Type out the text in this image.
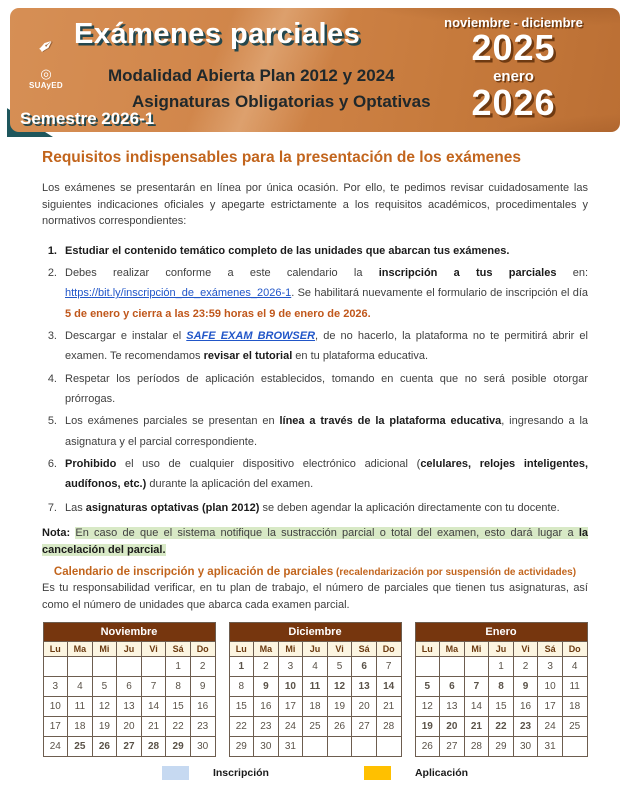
✒
◎
SUAyED
Exámenes parciales
Modalidad Abierta Plan 2012 y 2024
Asignaturas Obligatorias y Optativas
Semestre 2026-1
noviembre - diciembre
2025
enero
2026
Requisitos indispensables para la presentación de los exámenes

Los exámenes se presentarán en línea por única ocasión. Por ello, te pedimos revisar cuidadosamente las siguientes indicaciones oficiales y apegarte estrictamente a los requisitos académicos, procedimentales y normativos correspondientes:

1. Estudiar el contenido temático completo de las unidades que abarcan tus exámenes.
2. Debes realizar conforme a este calendario la inscripción a tus parciales en: https://bit.ly/inscripción_de_exámenes_2026-1. Se habilitará nuevamente el formulario de inscripción el día 5 de enero y cierra a las 23:59 horas el 9 de enero de 2026.
3. Descargar e instalar el SAFE EXAM BROWSER, de no hacerlo, la plataforma no te permitirá abrir el examen. Te recomendamos revisar el tutorial en tu plataforma educativa.
4. Respetar los períodos de aplicación establecidos, tomando en cuenta que no será posible otorgar prórrogas.
5. Los exámenes parciales se presentan en línea a través de la plataforma educativa, ingresando a la asignatura y el parcial correspondiente.
6. Prohibido el uso de cualquier dispositivo electrónico adicional (celulares, relojes inteligentes, audífonos, etc.) durante la aplicación del examen.
7. Las asignaturas optativas (plan 2012) se deben agendar la aplicación directamente con tu docente.
Nota: En caso de que el sistema notifique la sustracción parcial o total del examen, esto dará lugar a la cancelación del parcial.
Calendario de inscripción y aplicación de parciales (recalendarización por suspensión de actividades)

Es tu responsabilidad verificar, en tu plan de trabajo, el número de parciales que tienen tus asignaturas, así como el número de unidades que abarca cada examen parcial.

Noviembre						
Lu	Ma	Mi	Ju	Vi	Sá	Do
					1	2
3	4	5	6	7	8	9
10	11	12	13	14	15	16
17	18	19	20	21	22	23
24	25	26	27	28	29	30
Diciembre						
Lu	Ma	Mi	Ju	Vi	Sá	Do
1	2	3	4	5	6	7
8	9	10	11	12	13	14
15	16	17	18	19	20	21
22	23	24	25	26	27	28
29	30	31				
Enero						
Lu	Ma	Mi	Ju	Vi	Sá	Do
			1	2	3	4
5	6	7	8	9	10	11
12	13	14	15	16	17	18
19	20	21	22	23	24	25
26	27	28	29	30	31	
Inscripción	Aplicación
